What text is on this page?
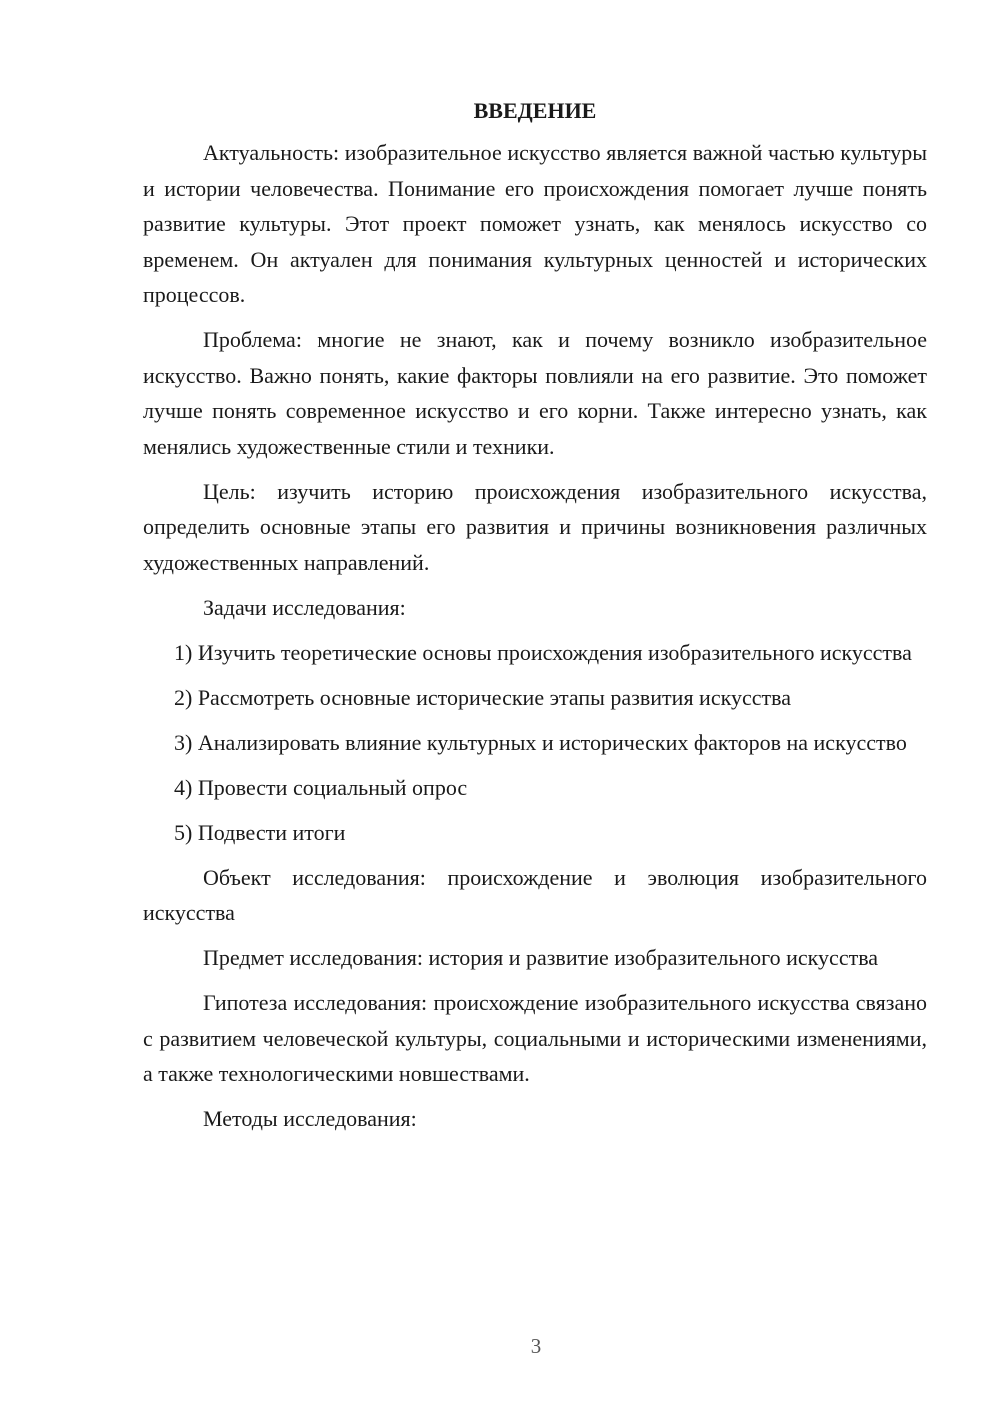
ВВЕДЕНИЕ

Актуальность: изобразительное искусство является важной частью культуры и истории человечества. Понимание его происхождения помогает лучше понять развитие культуры. Этот проект поможет узнать, как менялось искусство со временем. Он актуален для понимания культурных ценностей и исторических процессов.

Проблема: многие не знают, как и почему возникло изобразительное искусство. Важно понять, какие факторы повлияли на его развитие. Это поможет лучше понять современное искусство и его корни. Также интересно узнать, как менялись художественные стили и техники.

Цель: изучить историю происхождения изобразительного искусства, определить основные этапы его развития и причины возникновения различных художественных направлений.

Задачи исследования:

1) Изучить теоретические основы происхождения изобразительного искусства

2) Рассмотреть основные исторические этапы развития искусства

3) Анализировать влияние культурных и исторических факторов на искусство

4) Провести социальный опрос

5) Подвести итоги

Объект исследования: происхождение и эволюция изобразительного искусства

Предмет исследования: история и развитие изобразительного искусства

Гипотеза исследования: происхождение изобразительного искусства связано с развитием человеческой культуры, социальными и историческими изменениями, а также технологическими новшествами.

Методы исследования:

3
